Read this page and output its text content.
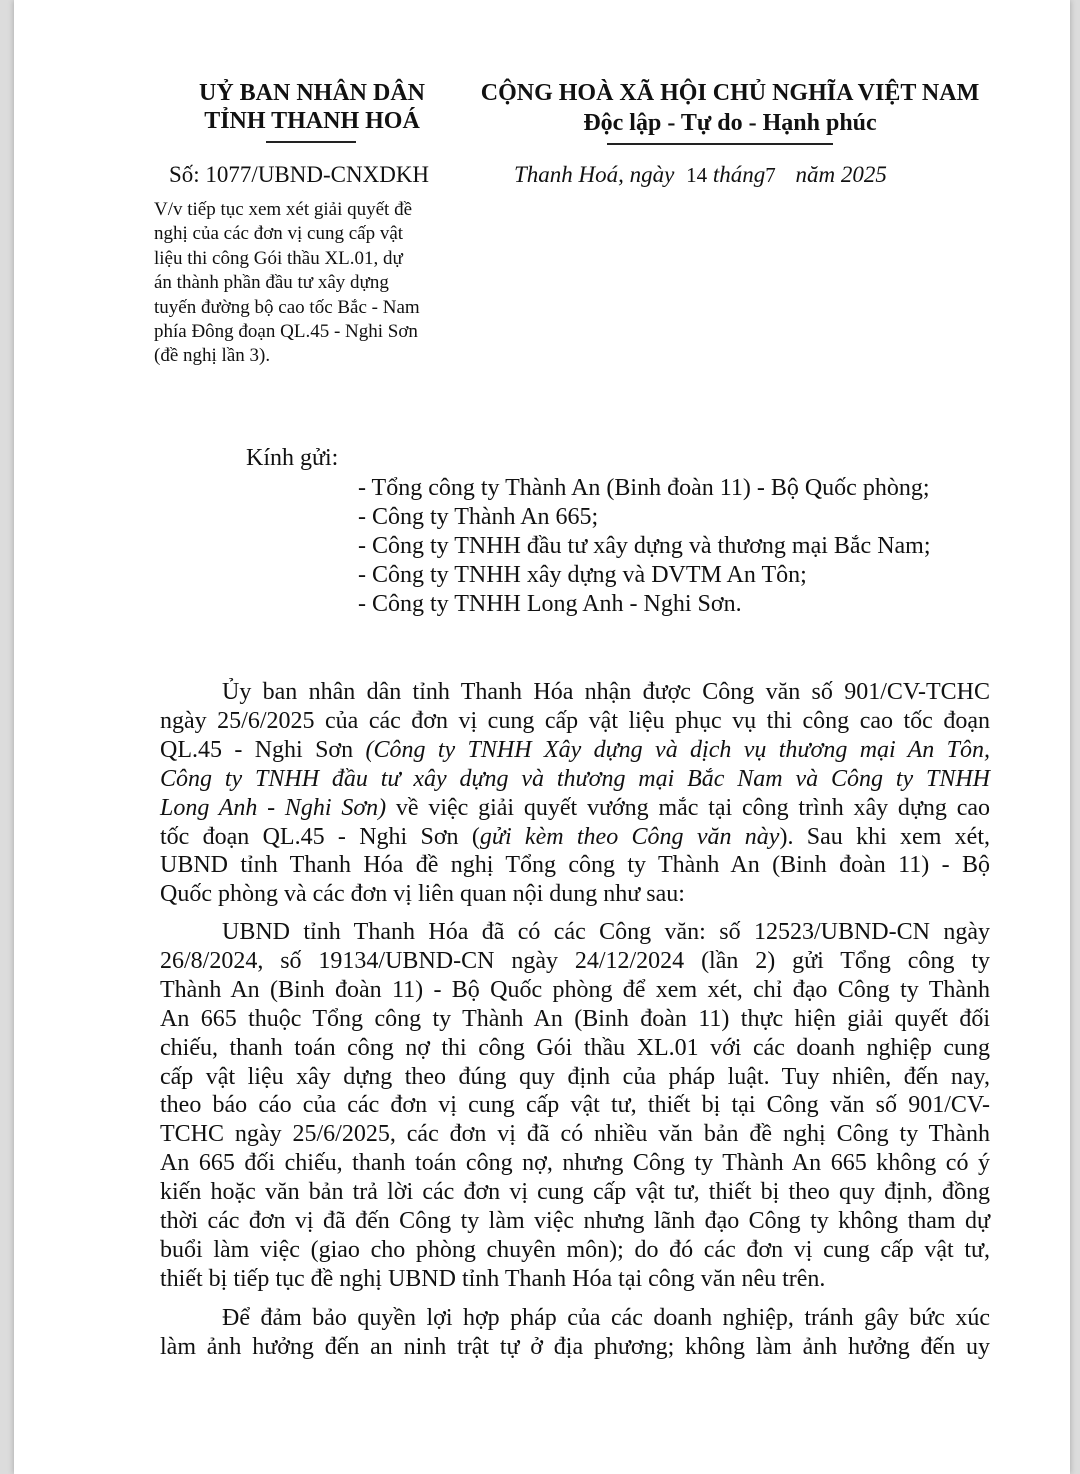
UỶ BAN NHÂN DÂN
TỈNH THANH HOÁ
CỘNG HOÀ XÃ HỘI CHỦ NGHĨA VIỆT NAM
Độc lập - Tự do - Hạnh phúc
Số: 1077/UBND-CNXDKH	Thanh Hoá, ngày 14 tháng7 năm 2025
V/v tiếp tục xem xét giải quyết đề
nghị của các đơn vị cung cấp vật
liệu thi công Gói thầu XL.01, dự
án thành phần đầu tư xây dựng
tuyến đường bộ cao tốc Bắc - Nam
phía Đông đoạn QL.45 - Nghi Sơn
(đề nghị lần 3).
Kính gửi:
- Tổng công ty Thành An (Binh đoàn 11) - Bộ Quốc phòng;
- Công ty Thành An 665;
- Công ty TNHH đầu tư xây dựng và thương mại Bắc Nam;
- Công ty TNHH xây dựng và DVTM An Tôn;
- Công ty TNHH Long Anh - Nghi Sơn.
Ủy ban nhân dân tỉnh Thanh Hóa nhận được Công văn số 901/CV-TCHC
ngày 25/6/2025 của các đơn vị cung cấp vật liệu phục vụ thi công cao tốc đoạn
QL.45 - Nghi Sơn (Công ty TNHH Xây dựng và dịch vụ thương mại An Tôn,
Công ty TNHH đầu tư xây dựng và thương mại Bắc Nam và Công ty TNHH
Long Anh - Nghi Sơn) về việc giải quyết vướng mắc tại công trình xây dựng cao
tốc đoạn QL.45 - Nghi Sơn (gửi kèm theo Công văn này). Sau khi xem xét,
UBND tỉnh Thanh Hóa đề nghị Tổng công ty Thành An (Binh đoàn 11) - Bộ
Quốc phòng và các đơn vị liên quan nội dung như sau:
UBND tỉnh Thanh Hóa đã có các Công văn: số 12523/UBND-CN ngày
26/8/2024, số 19134/UBND-CN ngày 24/12/2024 (lần 2) gửi Tổng công ty
Thành An (Binh đoàn 11) - Bộ Quốc phòng để xem xét, chỉ đạo Công ty Thành
An 665 thuộc Tổng công ty Thành An (Binh đoàn 11) thực hiện giải quyết đối
chiếu, thanh toán công nợ thi công Gói thầu XL.01 với các doanh nghiệp cung
cấp vật liệu xây dựng theo đúng quy định của pháp luật. Tuy nhiên, đến nay,
theo báo cáo của các đơn vị cung cấp vật tư, thiết bị tại Công văn số 901/CV-
TCHC ngày 25/6/2025, các đơn vị đã có nhiều văn bản đề nghị Công ty Thành
An 665 đối chiếu, thanh toán công nợ, nhưng Công ty Thành An 665 không có ý
kiến hoặc văn bản trả lời các đơn vị cung cấp vật tư, thiết bị theo quy định, đồng
thời các đơn vị đã đến Công ty làm việc nhưng lãnh đạo Công ty không tham dự
buổi làm việc (giao cho phòng chuyên môn); do đó các đơn vị cung cấp vật tư,
thiết bị tiếp tục đề nghị UBND tỉnh Thanh Hóa tại công văn nêu trên.
Để đảm bảo quyền lợi hợp pháp của các doanh nghiệp, tránh gây bức xúc
làm ảnh hưởng đến an ninh trật tự ở địa phương; không làm ảnh hưởng đến uy
